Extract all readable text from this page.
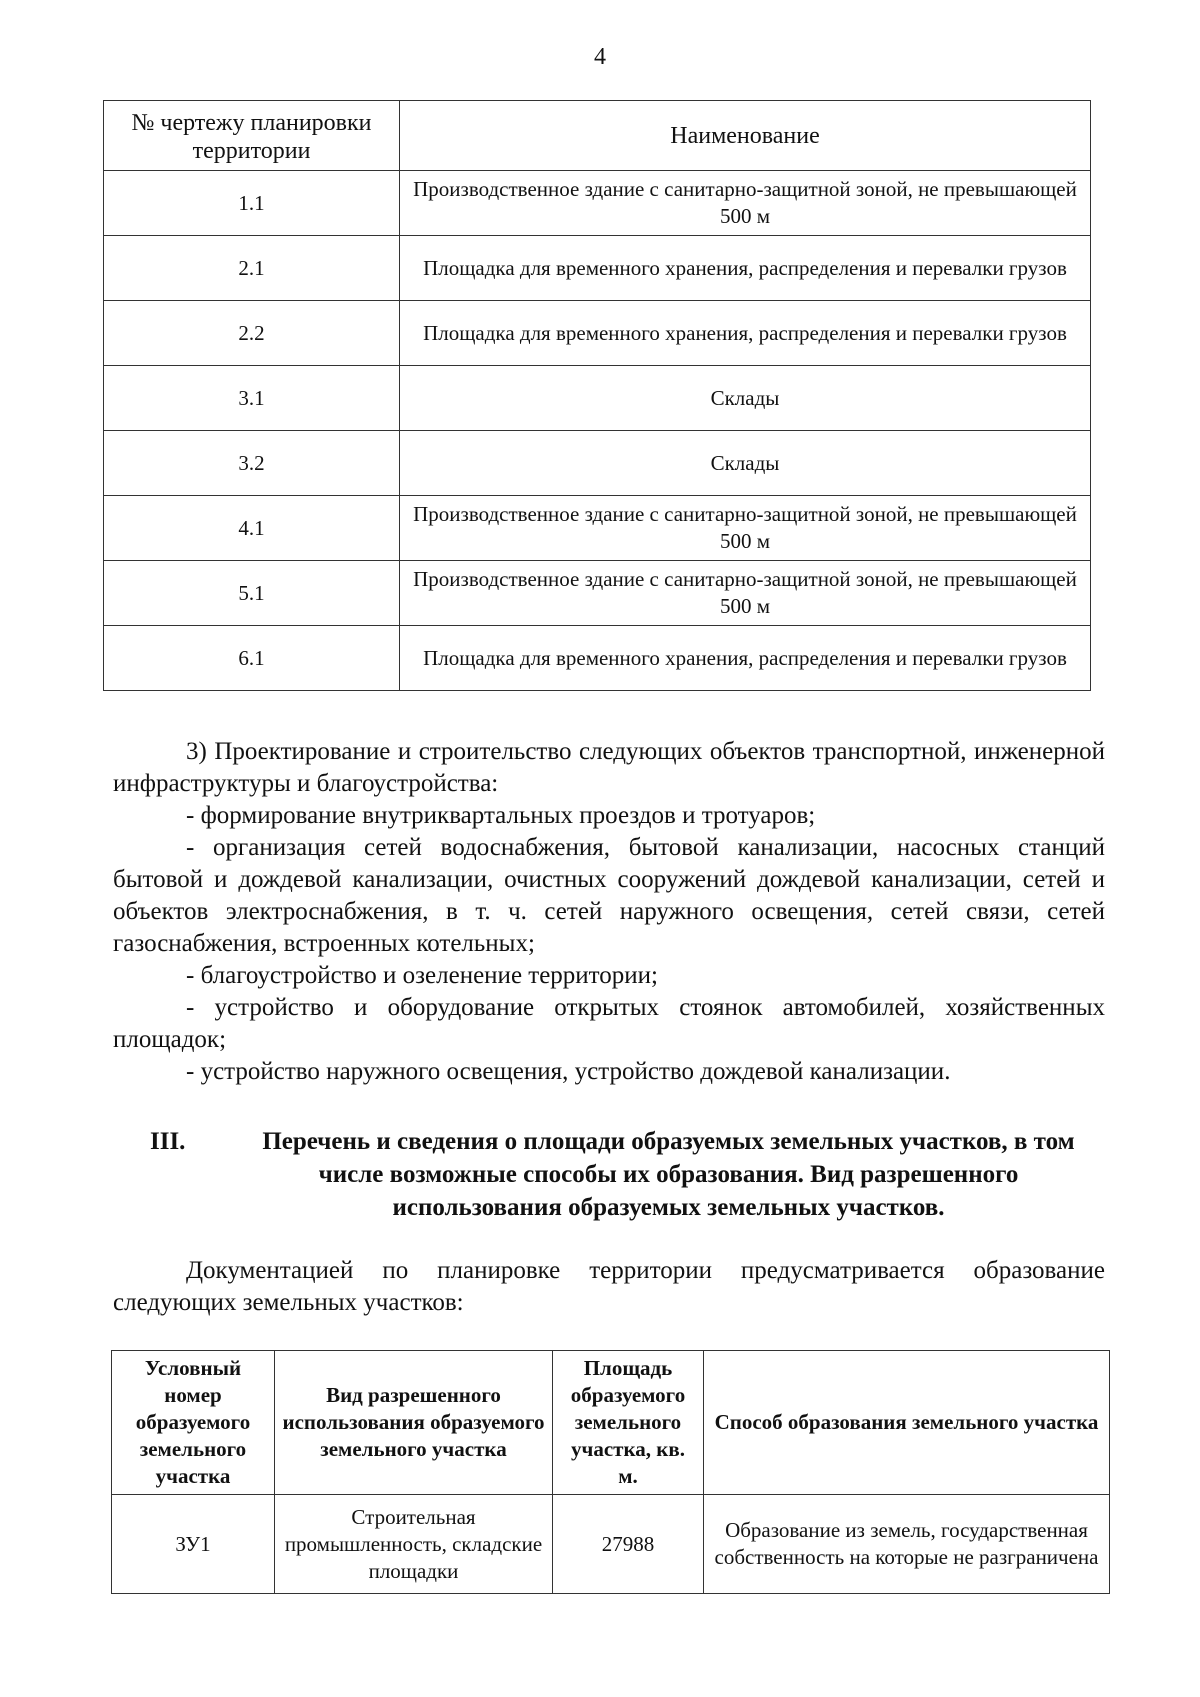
4
№ чертежу планировки территории	Наименование
1.1	Производственное здание с санитарно-защитной зоной, не превышающей 500 м
2.1	Площадка для временного хранения, распределения и перевалки грузов
2.2	Площадка для временного хранения, распределения и перевалки грузов
3.1	Склады
3.2	Склады
4.1	Производственное здание с санитарно-защитной зоной, не превышающей 500 м
5.1	Производственное здание с санитарно-защитной зоной, не превышающей 500 м
6.1	Площадка для временного хранения, распределения и перевалки грузов

3) Проектирование и строительство следующих объектов транспортной, инженерной инфраструктуры и благоустройства:

- формирование внутриквартальных проездов и тротуаров;

- организация сетей водоснабжения, бытовой канализации, насосных станций бытовой и дождевой канализации, очистных сооружений дождевой канализации, сетей и объектов электроснабжения, в т. ч. сетей наружного освещения, сетей связи, сетей газоснабжения, встроенных котельных;

- благоустройство и озеленение территории;

- устройство и оборудование открытых стоянок автомобилей, хозяйственных площадок;

- устройство наружного освещения, устройство дождевой канализации.

III.	Перечень и сведения о площади образуемых земельных участков, в том числе возможные способы их образования. Вид разрешенного использования образуемых земельных участков.

Документацией по планировке территории предусматривается образование следующих земельных участков:

Условный номер образуемого земельного участка	Вид разрешенного использования образуемого земельного участка	Площадь образуемого земельного участка, кв. м.	Способ образования земельного участка
ЗУ1	Строительная промышленность, складские площадки	27988	Образование из земель, государственная собственность на которые не разграничена
